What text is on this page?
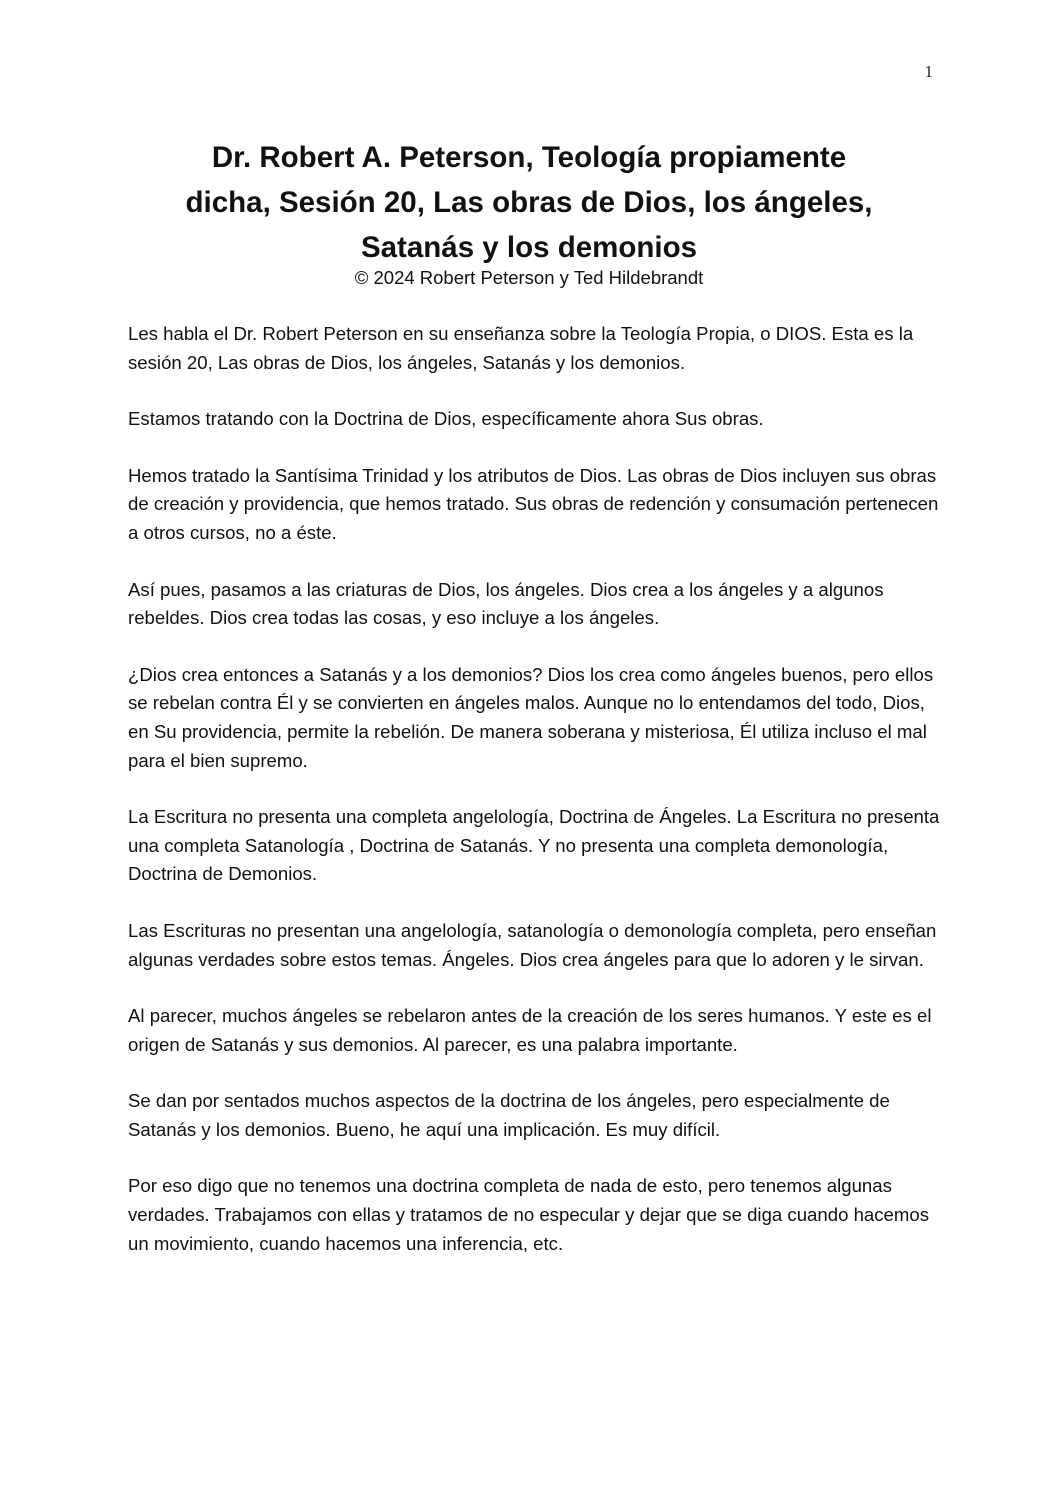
1
Dr. Robert A. Peterson, Teología propiamente
dicha, Sesión 20, Las obras de Dios, los ángeles,
Satanás y los demonios

© 2024 Robert Peterson y Ted Hildebrandt

Les habla el Dr. Robert Peterson en su enseñanza sobre la Teología Propia, o DIOS. Esta es la sesión 20, Las obras de Dios, los ángeles, Satanás y los demonios.

Estamos tratando con la Doctrina de Dios, específicamente ahora Sus obras.

Hemos tratado la Santísima Trinidad y los atributos de Dios. Las obras de Dios incluyen sus obras de creación y providencia, que hemos tratado. Sus obras de redención y consumación pertenecen a otros cursos, no a éste.

Así pues, pasamos a las criaturas de Dios, los ángeles. Dios crea a los ángeles y a algunos rebeldes. Dios crea todas las cosas, y eso incluye a los ángeles.

¿Dios crea entonces a Satanás y a los demonios? Dios los crea como ángeles buenos, pero ellos se rebelan contra Él y se convierten en ángeles malos. Aunque no lo entendamos del todo, Dios, en Su providencia, permite la rebelión. De manera soberana y misteriosa, Él utiliza incluso el mal para el bien supremo.

La Escritura no presenta una completa angelología, Doctrina de Ángeles. La Escritura no presenta una completa Satanología , Doctrina de Satanás. Y no presenta una completa demonología, Doctrina de Demonios.

Las Escrituras no presentan una angelología, satanología o demonología completa, pero enseñan algunas verdades sobre estos temas. Ángeles. Dios crea ángeles para que lo adoren y le sirvan.

Al parecer, muchos ángeles se rebelaron antes de la creación de los seres humanos. Y este es el origen de Satanás y sus demonios. Al parecer, es una palabra importante.

Se dan por sentados muchos aspectos de la doctrina de los ángeles, pero especialmente de Satanás y los demonios. Bueno, he aquí una implicación. Es muy difícil.

Por eso digo que no tenemos una doctrina completa de nada de esto, pero tenemos algunas verdades. Trabajamos con ellas y tratamos de no especular y dejar que se diga cuando hacemos un movimiento, cuando hacemos una inferencia, etc.
